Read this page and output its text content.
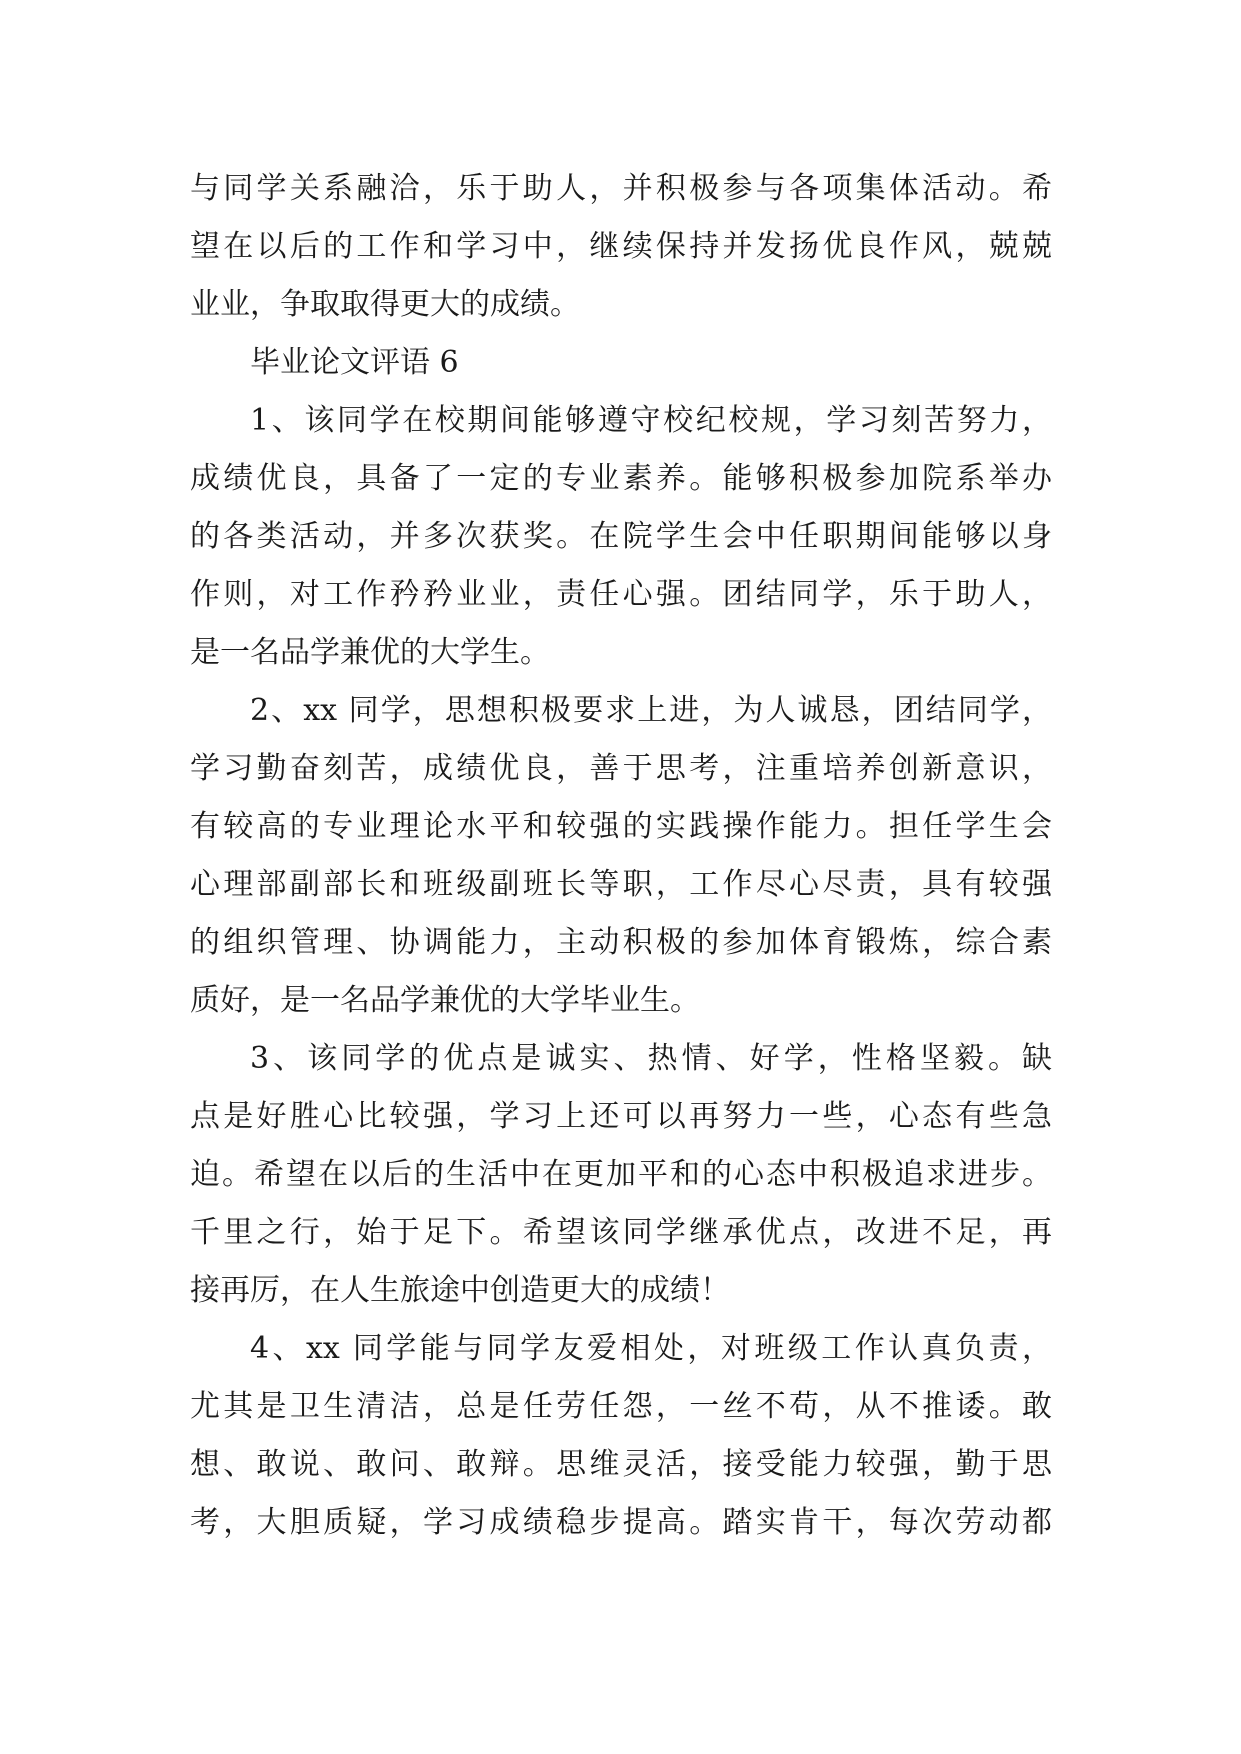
与同学关系融洽，乐于助人，并积极参与各项集体活动。希
望在以后的工作和学习中，继续保持并发扬优良作风，兢兢
业业，争取取得更大的成绩。
毕业论文评语 6
1、该同学在校期间能够遵守校纪校规，学习刻苦努力，
成绩优良，具备了一定的专业素养。能够积极参加院系举办
的各类活动，并多次获奖。在院学生会中任职期间能够以身
作则，对工作矜矜业业，责任心强。团结同学，乐于助人，
是一名品学兼优的大学生。
2、xx 同学，思想积极要求上进，为人诚恳，团结同学，
学习勤奋刻苦，成绩优良，善于思考，注重培养创新意识，
有较高的专业理论水平和较强的实践操作能力。担任学生会
心理部副部长和班级副班长等职，工作尽心尽责，具有较强
的组织管理、协调能力，主动积极的参加体育锻炼，综合素
质好，是一名品学兼优的大学毕业生。
3、该同学的优点是诚实、热情、好学，性格坚毅。缺
点是好胜心比较强，学习上还可以再努力一些，心态有些急
迫。希望在以后的生活中在更加平和的心态中积极追求进步。
千里之行，始于足下。希望该同学继承优点，改进不足，再
接再厉，在人生旅途中创造更大的成绩！
4、xx 同学能与同学友爱相处，对班级工作认真负责，
尤其是卫生清洁，总是任劳任怨，一丝不苟，从不推诿。敢
想、敢说、敢问、敢辩。思维灵活，接受能力较强，勤于思
考，大胆质疑，学习成绩稳步提高。踏实肯干，每次劳动都
